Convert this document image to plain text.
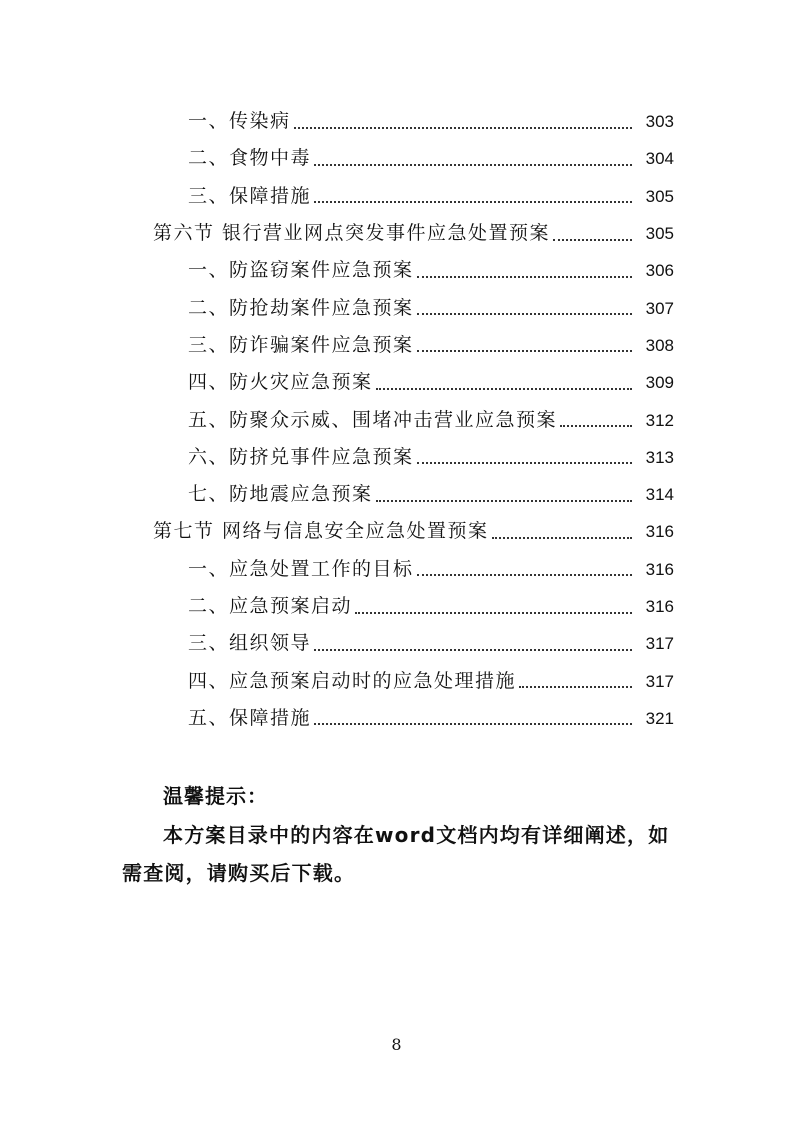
一、传染病	303
二、食物中毒	304
三、保障措施	305
第六节 银行营业网点突发事件应急处置预案	305
一、防盗窃案件应急预案	306
二、防抢劫案件应急预案	307
三、防诈骗案件应急预案	308
四、防火灾应急预案	309
五、防聚众示威、围堵冲击营业应急预案	312
六、防挤兑事件应急预案	313
七、防地震应急预案	314
第七节 网络与信息安全应急处置预案	316
一、应急处置工作的目标	316
二、应急预案启动	316
三、组织领导	317
四、应急预案启动时的应急处理措施	317
五、保障措施	321
温馨提示：
本方案目录中的内容在word文档内均有详细阐述，如需查阅，请购买后下载。
8
